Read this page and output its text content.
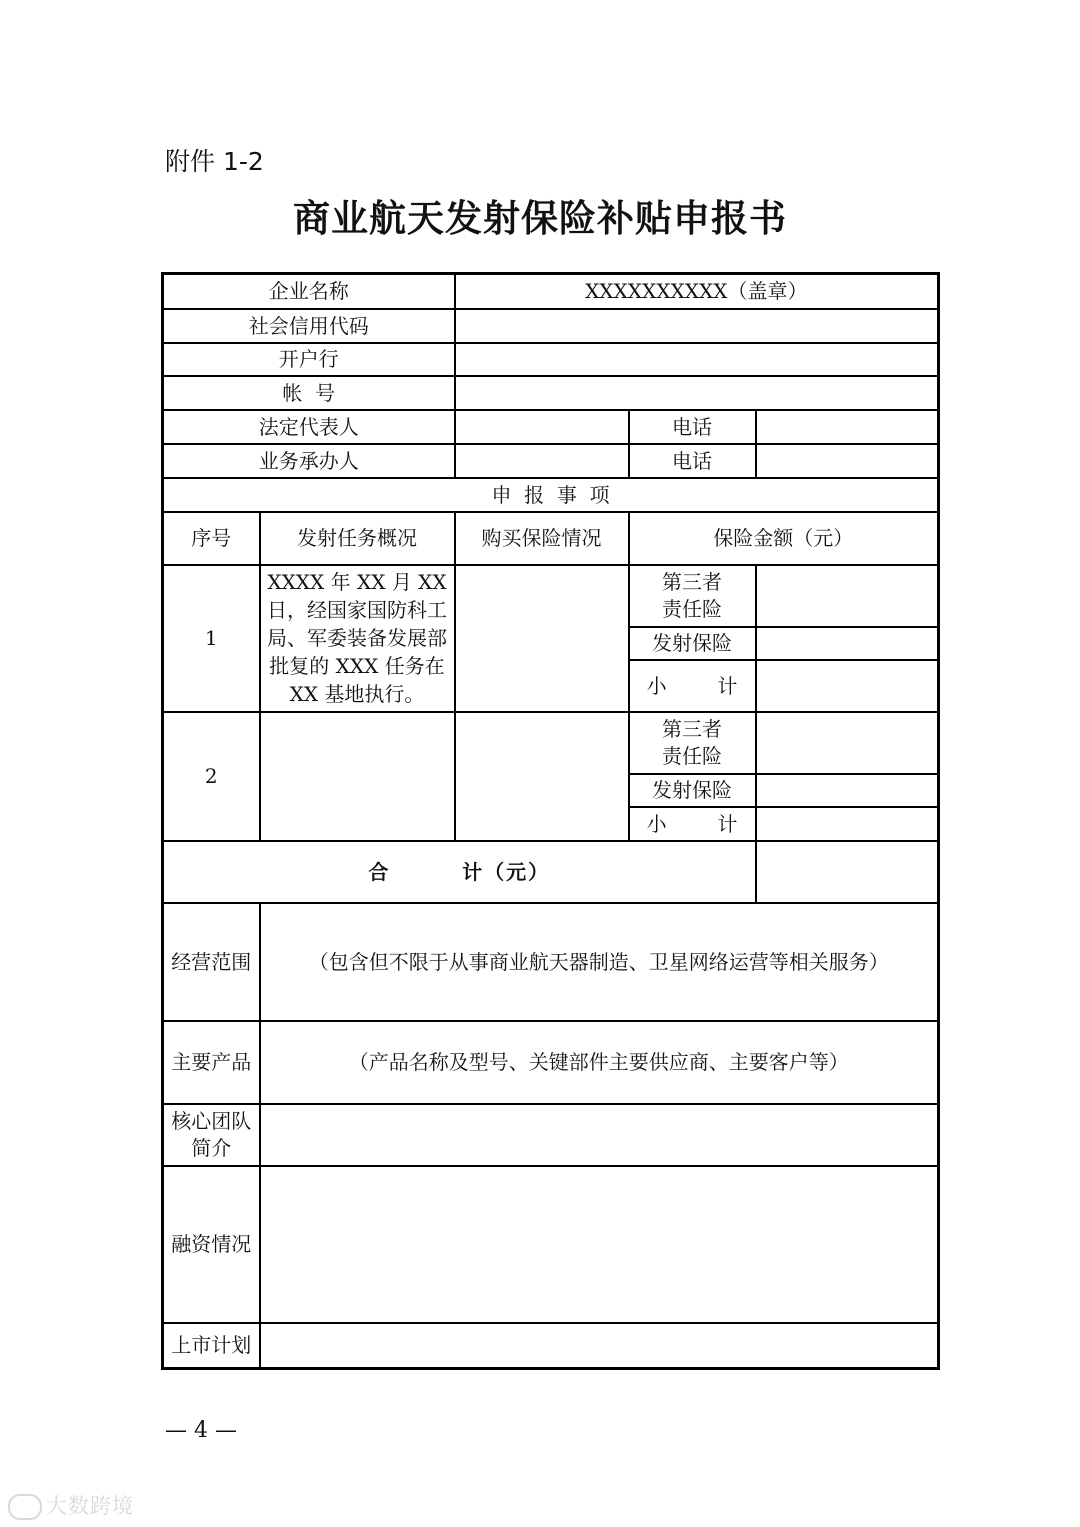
附件 1-2
商业航天发射保险补贴申报书
企业名称		XXXXXXXXXX（盖章）		
社会信用代码				
开户行				
帐  号				
法定代表人			电话	
业务承办人			电话	
申  报  事  项				
序号	发射任务概况	购买保险情况	保险金额（元）	
1	XXXX 年 XX 月 XX 日，经国家国防科工局、军委装备发展部批复的 XXX 任务在 XX 基地执行。		第三者
责任险	
			发射保险	
			小        计	
2			第三者
责任险	
			发射保险	
			小        计	
合        计（元）				
经营范围	（包含但不限于从事商业航天器制造、卫星网络运营等相关服务）			
主要产品	（产品名称及型号、关键部件主要供应商、主要客户等）			
核心团队
简介				
融资情况				
上市计划				
— 4 —
大数跨境
